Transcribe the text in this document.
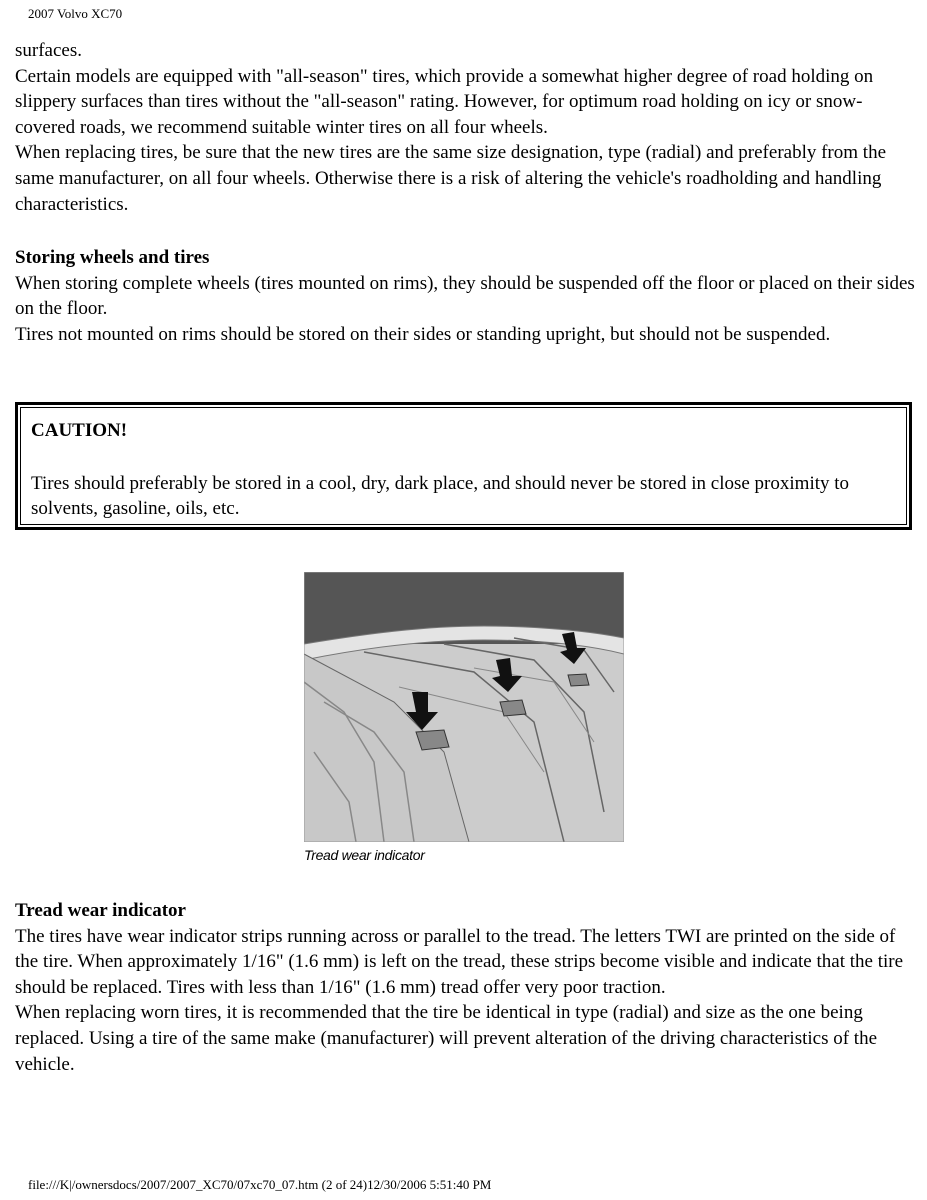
2007 Volvo XC70

surfaces.

Certain models are equipped with "all-season" tires, which provide a somewhat higher degree of road holding on slippery surfaces than tires without the "all-season" rating. However, for optimum road holding on icy or snow-covered roads, we recommend suitable winter tires on all four wheels.

When replacing tires, be sure that the new tires are the same size designation, type (radial) and preferably from the same manufacturer, on all four wheels. Otherwise there is a risk of altering the vehicle's roadholding and handling characteristics.

Storing wheels and tires

When storing complete wheels (tires mounted on rims), they should be suspended off the floor or placed on their sides on the floor.

Tires not mounted on rims should be stored on their sides or standing upright, but should not be suspended.

CAUTION!

Tires should preferably be stored in a cool, dry, dark place, and should never be stored in close proximity to solvents, gasoline, oils, etc.

Tread wear indicator

Tread wear indicator

The tires have wear indicator strips running across or parallel to the tread. The letters TWI are printed on the side of the tire. When approximately 1/16" (1.6 mm) is left on the tread, these strips become visible and indicate that the tire should be replaced. Tires with less than 1/16" (1.6 mm) tread offer very poor traction.

When replacing worn tires, it is recommended that the tire be identical in type (radial) and size as the one being replaced. Using a tire of the same make (manufacturer) will prevent alteration of the driving characteristics of the vehicle.

file:///K|/ownersdocs/2007/2007_XC70/07xc70_07.htm (2 of 24)12/30/2006 5:51:40 PM
